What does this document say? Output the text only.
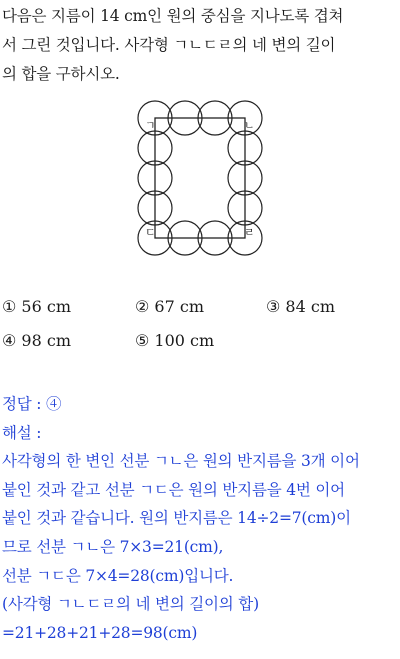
다음은 지름이 14 cm인 원의 중심을 지나도록 겹쳐
서 그린 것입니다. 사각형 ㄱㄴㄷㄹ의 네 변의 길이
의 합을 구하시오.
ㄱ	ㄴ
ㄷ	ㄹ
① 56 cm	② 67 cm	③ 84 cm
④ 98 cm	⑤ 100 cm
정답 : ④
해설 :
사각형의 한 변인 선분 ㄱㄴ은 원의 반지름을 3개 이어
붙인 것과 같고 선분 ㄱㄷ은 원의 반지름을 4번 이어
붙인 것과 같습니다. 원의 반지름은 14÷2=7(cm)이
므로 선분 ㄱㄴ은 7×3=21(cm),
선분 ㄱㄷ은 7×4=28(cm)입니다.
(사각형 ㄱㄴㄷㄹ의 네 변의 길이의 합)
=21+28+21+28=98(cm)
